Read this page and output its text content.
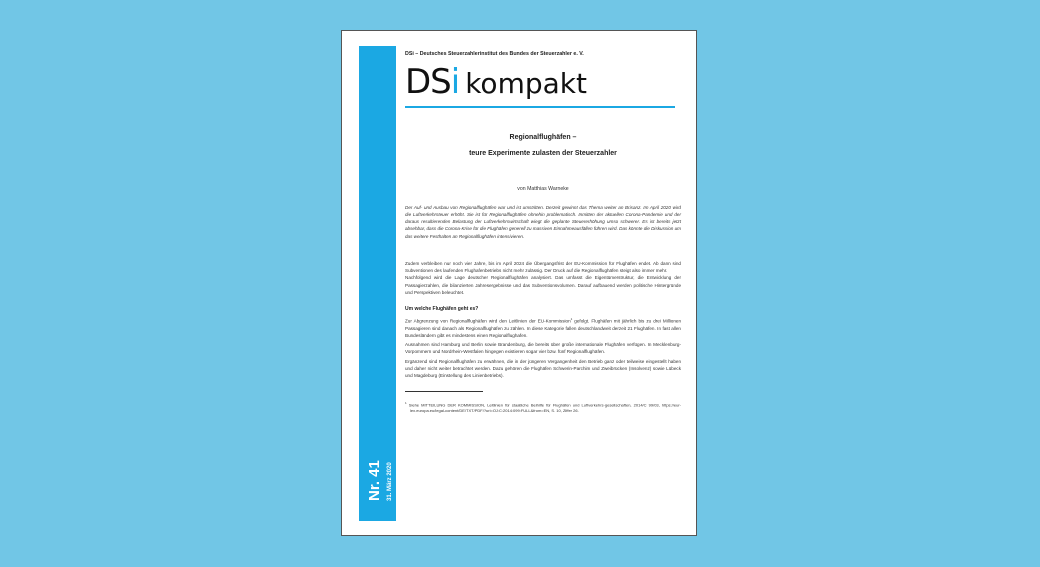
Nr. 41 31. März 2020
DSi – Deutsches Steuerzahlerinstitut des Bundes der Steuerzahler e. V.
DSi kompakt
Regionalflughäfen –
teure Experimente zulasten der Steuerzahler
von Matthias Warneke
Der Auf- und Ausbau von Regionalflughäfen war und ist umstritten. Derzeit gewinnt das Thema weiter an Brisanz. Im April 2020 wird die Luftverkehrsteuer erhöht. Sie ist für Regionalflughäfen ohnehin problematisch. Inmitten der aktuellen Corona-Pandemie und der daraus resultierenden Belastung der Luftverkehrswirtschaft wiegt die geplante Steuererhöhung umso schwerer. Es ist bereits jetzt absehbar, dass die Corona-Krise für die Flughäfen generell zu massiven Einnahmeausfällen führen wird. Das könnte die Diskussion um das weitere Festhalten an Regionalflughäfen intensivieren.
Zudem verbleiben nur noch vier Jahre, bis im April 2024 die Übergangsfrist der EU-Kommission für Flughäfen endet. Ab dann sind Subventionen des laufenden Flughafenbetriebs nicht mehr zulässig. Der Druck auf die Regionalflughäfen steigt also immer mehr.
Nachfolgend wird die Lage deutscher Regionalflughäfen analysiert. Das umfasst die Eigentümerstruktur, die Entwicklung der Passagierzahlen, die bilanzierten Jahresergebnisse und das Subventionsvolumen. Darauf aufbauend werden politische Hintergründe und Perspektiven beleuchtet.
Um welche Flughäfen geht es?
Zur Abgrenzung von Regionalflughäfen wird den Leitlinien der EU-Kommission$^1$ gefolgt. Flughäfen mit jährlich bis zu drei Millionen Passagieren sind danach als Regionalflughäfen zu zählen. In diese Kategorie fallen deutschlandweit derzeit 21 Flughäfen. In fast allen Bundesländern gibt es mindestens einen Regionalflughafen.
Ausnahmen sind Hamburg und Berlin sowie Brandenburg, die bereits über große internationale Flughäfen verfügen. In Mecklenburg-Vorpommern und Nordrhein-Westfalen hingegen existieren sogar vier bzw. fünf Regionalflughäfen.
Ergänzend sind Regionalflughäfen zu erwähnen, die in der jüngeren Vergangenheit den Betrieb ganz oder teilweise eingestellt haben und daher nicht weiter betrachtet werden. Dazu gehören die Flughäfen Schwerin-Parchim und Zweibrücken (Insolvenz) sowie Lübeck und Magdeburg (Einstellung des Linienbetriebs).
$^1$ Siehe MITTEILUNG DER KOMMISSION, Leitlinien für staatliche Beihilfe für Flughäfen und Luftverkehrs-gesellschaften, 2014/C 99/03, https://eur-lex.europa.eu/legal-content/DE/TXT/PDF/?uri=OJ:C:2014:099:FULL&from=EN, S. 10, Ziffer 26.
